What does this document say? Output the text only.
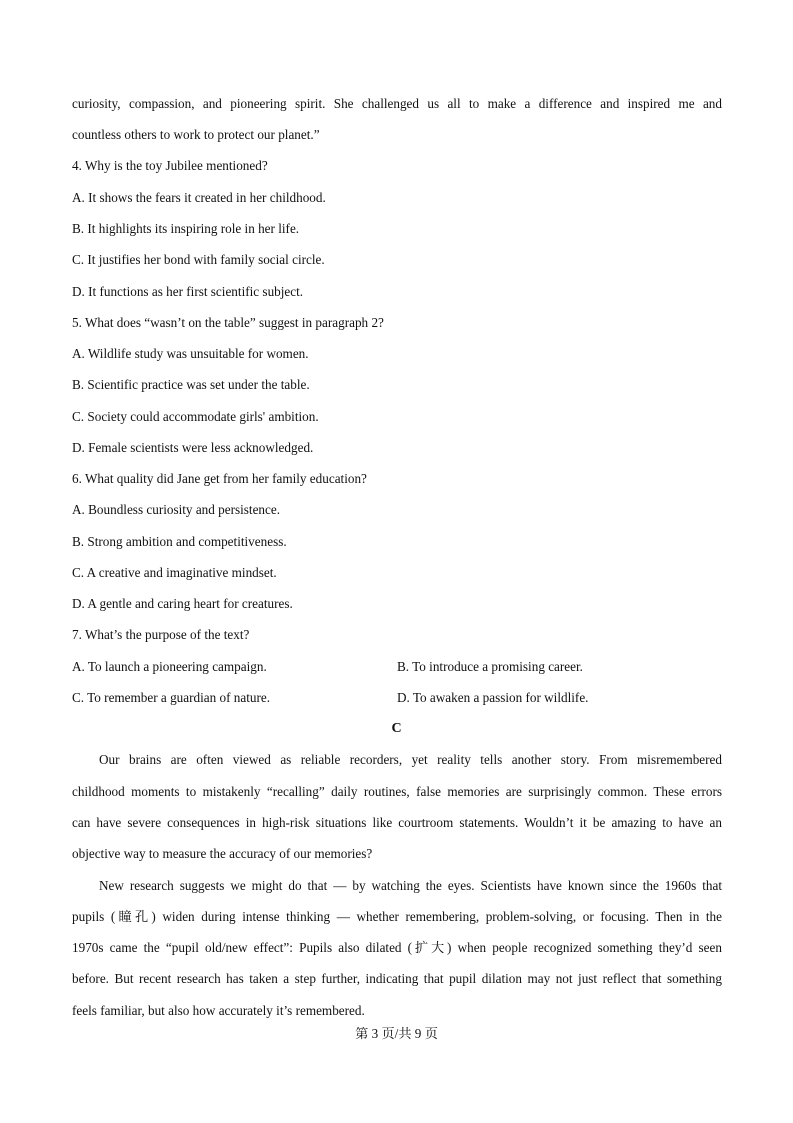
curiosity, compassion, and pioneering spirit. She challenged us all to make a difference and inspired me and
countless others to work to protect our planet.”
4. Why is the toy Jubilee mentioned?
A. It shows the fears it created in her childhood.
B. It highlights its inspiring role in her life.
C. It justifies her bond with family social circle.
D. It functions as her first scientific subject.
5. What does “wasn’t on the table” suggest in paragraph 2?
A. Wildlife study was unsuitable for women.
B. Scientific practice was set under the table.
C. Society could accommodate girls' ambition.
D. Female scientists were less acknowledged.
6. What quality did Jane get from her family education?
A. Boundless curiosity and persistence.
B. Strong ambition and competitiveness.
C. A creative and imaginative mindset.
D. A gentle and caring heart for creatures.
7. What’s the purpose of the text?
A. To launch a pioneering campaign.	B. To introduce a promising career.
C. To remember a guardian of nature.	D. To awaken a passion for wildlife.
C
Our brains are often viewed as reliable recorders, yet reality tells another story. From misremembered
childhood moments to mistakenly “recalling” daily routines, false memories are surprisingly common. These errors
can have severe consequences in high-risk situations like courtroom statements. Wouldn’t it be amazing to have an
objective way to measure the accuracy of our memories?
New research suggests we might do that — by watching the eyes. Scientists have known since the 1960s that
pupils (瞳孔) widen during intense thinking — whether remembering, problem-solving, or focusing. Then in the
1970s came the “pupil old/new effect”: Pupils also dilated (扩大) when people recognized something they’d seen
before. But recent research has taken a step further, indicating that pupil dilation may not just reflect that something
feels familiar, but also how accurately it’s remembered.
第 3 页/共 9 页
